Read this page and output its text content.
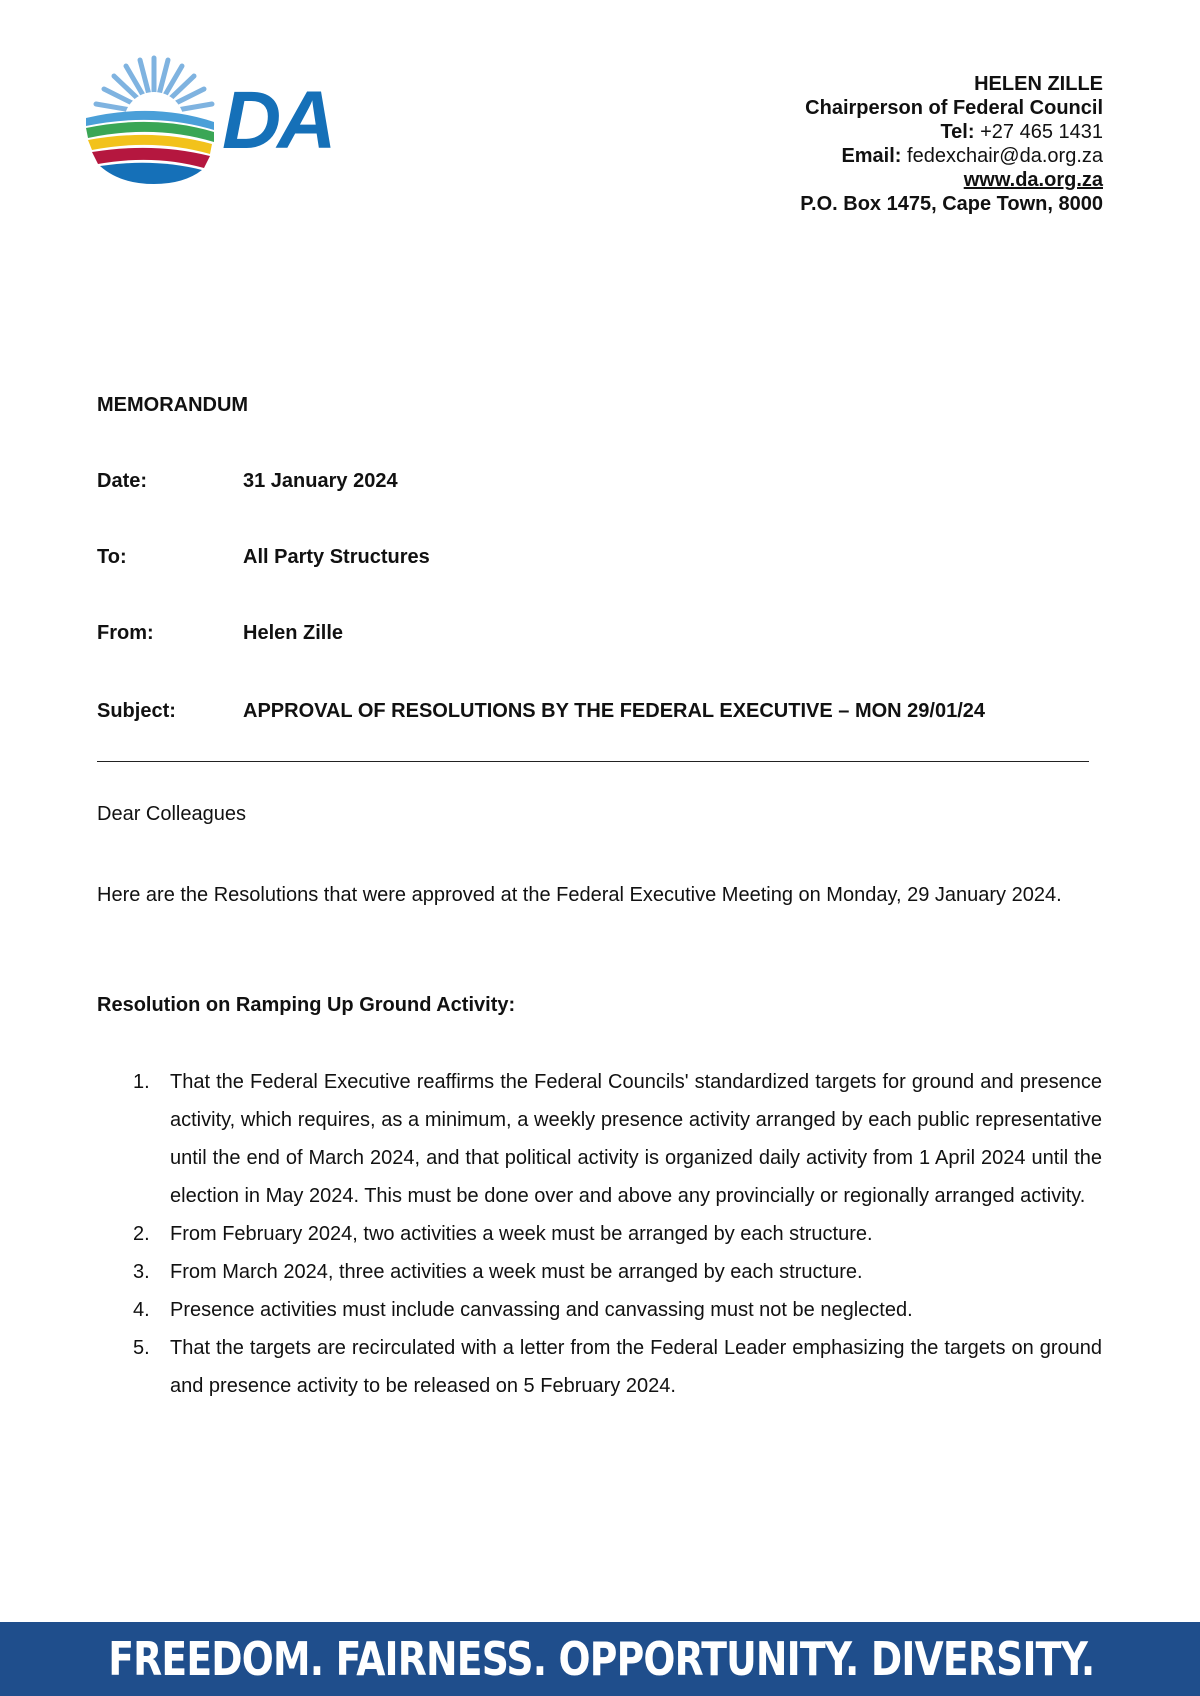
DA	HELEN ZILLE
Chairperson of Federal Council
Tel: +27 465 1431
Email: fedexchair@da.org.za
www.da.org.za
P.O. Box 1475, Cape Town, 8000
MEMORANDUM
Date:	31 January 2024
To:	All Party Structures
From:	Helen Zille
Subject:	APPROVAL OF RESOLUTIONS BY THE FEDERAL EXECUTIVE – MON 29/01/24
Dear Colleagues
Here are the Resolutions that were approved at the Federal Executive Meeting on Monday, 29 January 2024.
Resolution on Ramping Up Ground Activity:
1. That the Federal Executive reaffirms the Federal Councils' standardized targets for ground and presence activity, which requires, as a minimum, a weekly presence activity arranged by each public representative until the end of March 2024, and that political activity is organized daily activity from 1 April 2024 until the election in May 2024. This must be done over and above any provincially or regionally arranged activity.
2. From February 2024, two activities a week must be arranged by each structure.
3. From March 2024, three activities a week must be arranged by each structure.
4. Presence activities must include canvassing and canvassing must not be neglected.
5. That the targets are recirculated with a letter from the Federal Leader emphasizing the targets on ground and presence activity to be released on 5 February 2024.
FREEDOM. FAIRNESS. OPPORTUNITY. DIVERSITY.
